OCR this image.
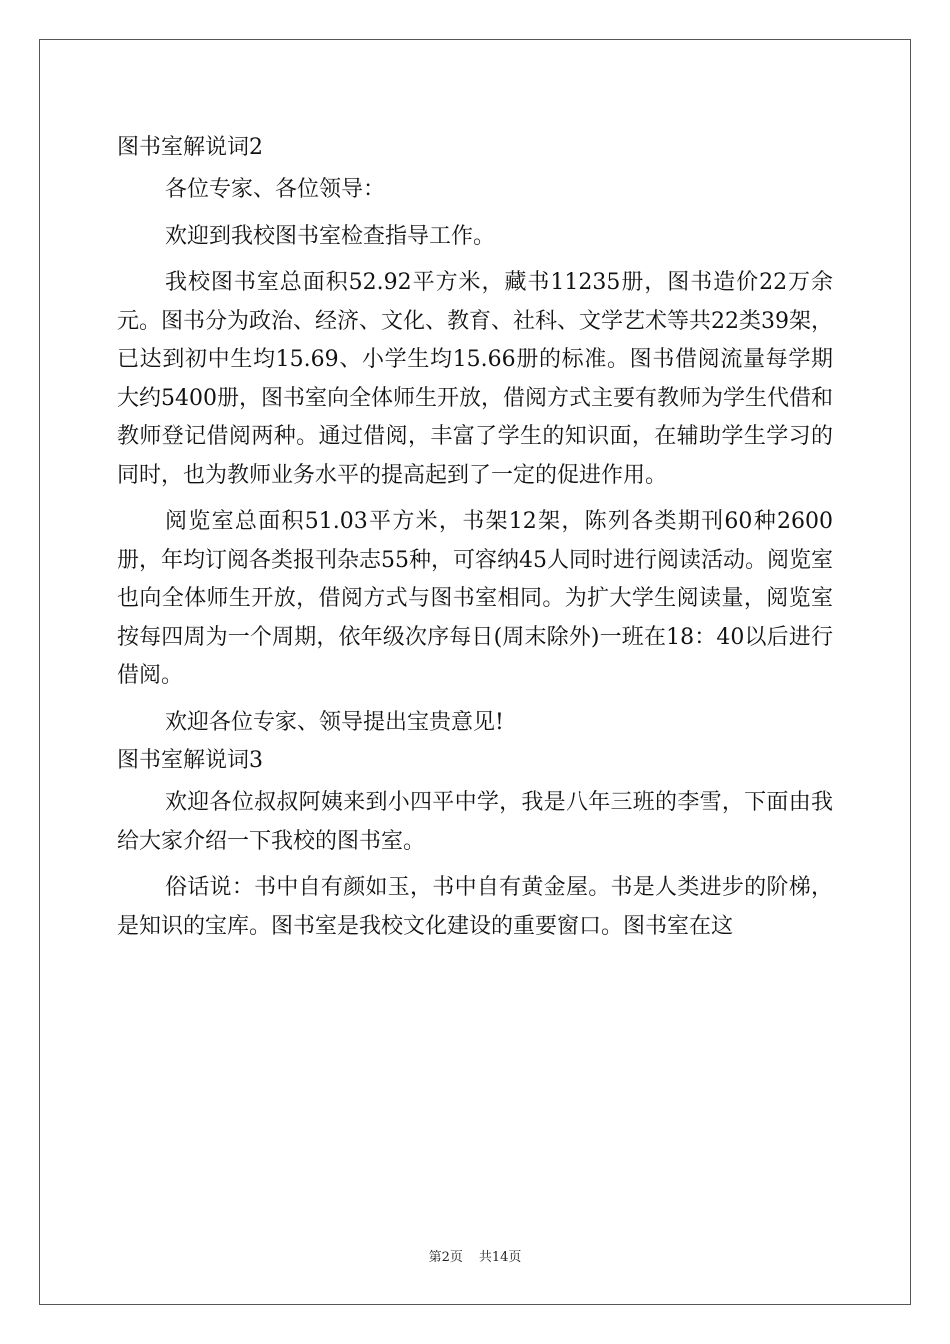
图书室解说词2

各位专家、各位领导：

欢迎到我校图书室检查指导工作。

我校图书室总面积52.92平方米，藏书11235册，图书造价22万余元。图书分为政治、经济、文化、教育、社科、文学艺术等共22类39架，已达到初中生均15.69、小学生均15.66册的标准。图书借阅流量每学期大约5400册，图书室向全体师生开放，借阅方式主要有教师为学生代借和教师登记借阅两种。通过借阅，丰富了学生的知识面，在辅助学生学习的同时，也为教师业务水平的提高起到了一定的促进作用。

阅览室总面积51.03平方米，书架12架，陈列各类期刊60种2600册，年均订阅各类报刊杂志55种，可容纳45人同时进行阅读活动。阅览室也向全体师生开放，借阅方式与图书室相同。为扩大学生阅读量，阅览室按每四周为一个周期，依年级次序每日(周末除外)一班在18：40以后进行借阅。

欢迎各位专家、领导提出宝贵意见!

图书室解说词3

欢迎各位叔叔阿姨来到小四平中学，我是八年三班的李雪，下面由我给大家介绍一下我校的图书室。

俗话说：书中自有颜如玉，书中自有黄金屋。书是人类进步的阶梯，是知识的宝库。图书室是我校文化建设的重要窗口。图书室在这

第2页 共14页
